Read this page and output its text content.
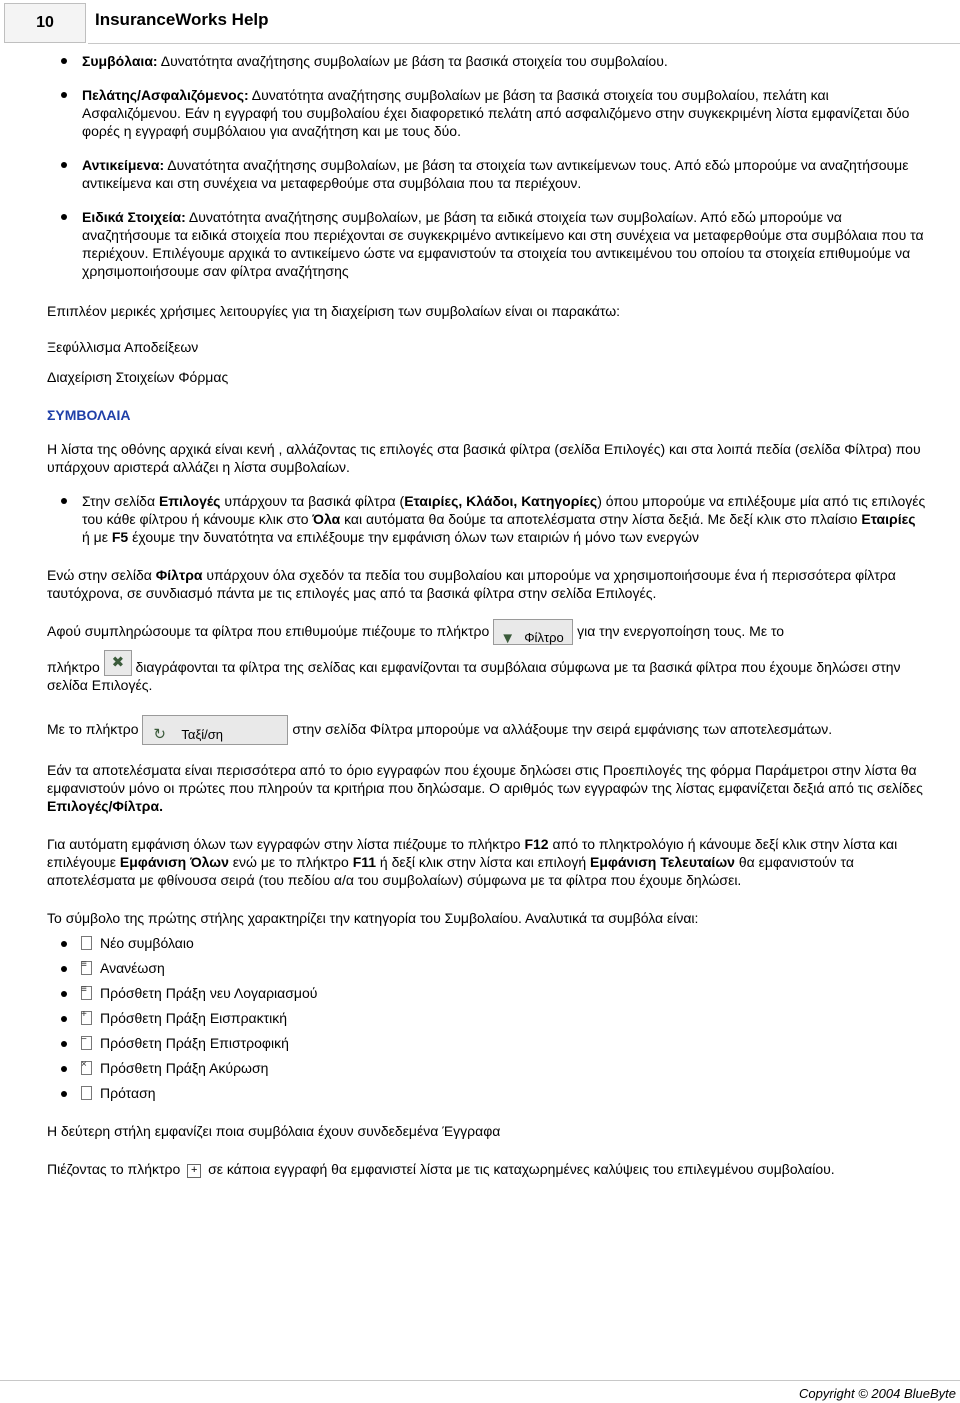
10	InsuranceWorks Help
Συμβόλαια: Δυνατότητα αναζήτησης συμβολαίων με βάση τα βασικά στοιχεία του συμβολαίου.
Πελάτης/Ασφαλιζόμενος: Δυνατότητα αναζήτησης συμβολαίων με βάση τα βασικά στοιχεία του συμβολαίου, πελάτη και Ασφαλιζόμενου. Εάν η εγγραφή του συμβολαίου έχει διαφορετικό πελάτη από ασφαλιζόμενο στην συγκεκριμένη λίστα εμφανίζεται δύο φορές η εγγραφή συμβόλαιου για αναζήτηση και με τους δύο.
Αντικείμενα: Δυνατότητα αναζήτησης συμβολαίων, με βάση τα στοιχεία των αντικείμενων τους. Από εδώ μπορούμε να αναζητήσουμε αντικείμενα και στη συνέχεια να μεταφερθούμε στα συμβόλαια που τα περιέχουν.
Ειδικά Στοιχεία: Δυνατότητα αναζήτησης συμβολαίων, με βάση τα ειδικά στοιχεία των συμβολαίων. Από εδώ μπορούμε να αναζητήσουμε τα ειδικά στοιχεία που περιέχονται σε συγκεκριμένο αντικείμενο και στη συνέχεια να μεταφερθούμε στα συμβόλαια που τα περιέχουν. Επιλέγουμε αρχικά το αντικείμενο ώστε να εμφανιστούν τα στοιχεία του αντικειμένου του οποίου τα στοιχεία επιθυμούμε να χρησιμοποιήσουμε σαν φίλτρα αναζήτησης

Επιπλέον μερικές χρήσιμες λειτουργίες για τη διαχείριση των συμβολαίων είναι οι παρακάτω:

Ξεφύλλισμα Αποδείξεων

Διαχείριση Στοιχείων Φόρμας

ΣΥΜΒΟΛΑΙΑ

Η λίστα της οθόνης αρχικά είναι κενή , αλλάζοντας τις επιλογές στα βασικά φίλτρα (σελίδα Επιλογές) και στα λοιπά πεδία (σελίδα Φίλτρα) που υπάρχουν αριστερά αλλάζει η λίστα συμβολαίων.

Στην σελίδα Επιλογές υπάρχουν τα βασικά φίλτρα (Εταιρίες, Κλάδοι, Κατηγορίες) όπου μπορούμε να επιλέξουμε μία από τις επιλογές του κάθε φίλτρου ή κάνουμε κλικ στο Όλα και αυτόματα θα δούμε τα αποτελέσματα στην λίστα δεξιά. Με δεξί κλικ στο πλαίσιο Εταιρίες ή με F5 έχουμε την δυνατότητα να επιλέξουμε την εμφάνιση όλων των εταιριών ή μόνο των ενεργών

Ενώ στην σελίδα Φίλτρα υπάρχουν όλα σχεδόν τα πεδία του συμβολαίου και μπορούμε να χρησιμοποιήσουμε ένα ή περισσότερα φίλτρα ταυτόχρονα, σε συνδιασμό πάντα με τις επιλογές μας από τα βασικά φίλτρα στην σελίδα Επιλογές.

Αφού συμπληρώσουμε τα φίλτρα που επιθυμούμε πιέζουμε το πλήκτρο ▼ Φίλτρο για την ενεργοποίηση τους. Με το

πλήκτρο ✖ διαγράφονται τα φίλτρα της σελίδας και εμφανίζονται τα συμβόλαια σύμφωνα με τα βασικά φίλτρα που έχουμε δηλώσει στην σελίδα Επιλογές.

Με το πλήκτρο ↻ Ταξί/ση	στην σελίδα Φίλτρα μπορούμε να αλλάξουμε την σειρά εμφάνισης των αποτελεσμάτων.

Εάν τα αποτελέσματα είναι περισσότερα από το όριο εγγραφών που έχουμε δηλώσει στις Προεπιλογές της φόρμα Παράμετροι στην λίστα θα εμφανιστούν μόνο οι πρώτες που πληρούν τα κριτήρια που δηλώσαμε. Ο αριθμός των εγγραφών της λίστας εμφανίζεται δεξιά από τις σελίδες Επιλογές/Φίλτρα.

Για αυτόματη εμφάνιση όλων των εγγραφών στην λίστα πιέζουμε το πλήκτρο F12 από το πληκτρολόγιο ή κάνουμε δεξί κλικ στην λίστα και επιλέγουμε Εμφάνιση Όλων ενώ με το πλήκτρο F11 ή δεξί κλικ στην λίστα και επιλογή Εμφάνιση Τελευταίων θα εμφανιστούν τα αποτελέσματα με φθίνουσα σειρά (του πεδίου α/α του συμβολαίων) σύμφωνα με τα φίλτρα που έχουμε δηλώσει.

Το σύμβολο της πρώτης στήλης χαρακτηρίζει την κατηγορία του Συμβολαίου. Αναλυτικά τα συμβόλα είναι:

Νέο συμβόλαιο
≡ Ανανέωση
≡ Πρόσθετη Πράξη νευ Λογαριασμού
+ Πρόσθετη Πράξη Εισπρακτική
− Πρόσθετη Πράξη Επιστροφική
× Πρόσθετη Πράξη Ακύρωση
Πρόταση

Η δεύτερη στήλη εμφανίζει ποια συμβόλαια έχουν συνδεδεμένα Έγγραφα

Πιέζοντας το πλήκτρο + σε κάποια εγγραφή θα εμφανιστεί λίστα με τις καταχωρημένες καλύψεις του επιλεγμένου συμβολαίου.

Copyright © 2004 BlueByte
